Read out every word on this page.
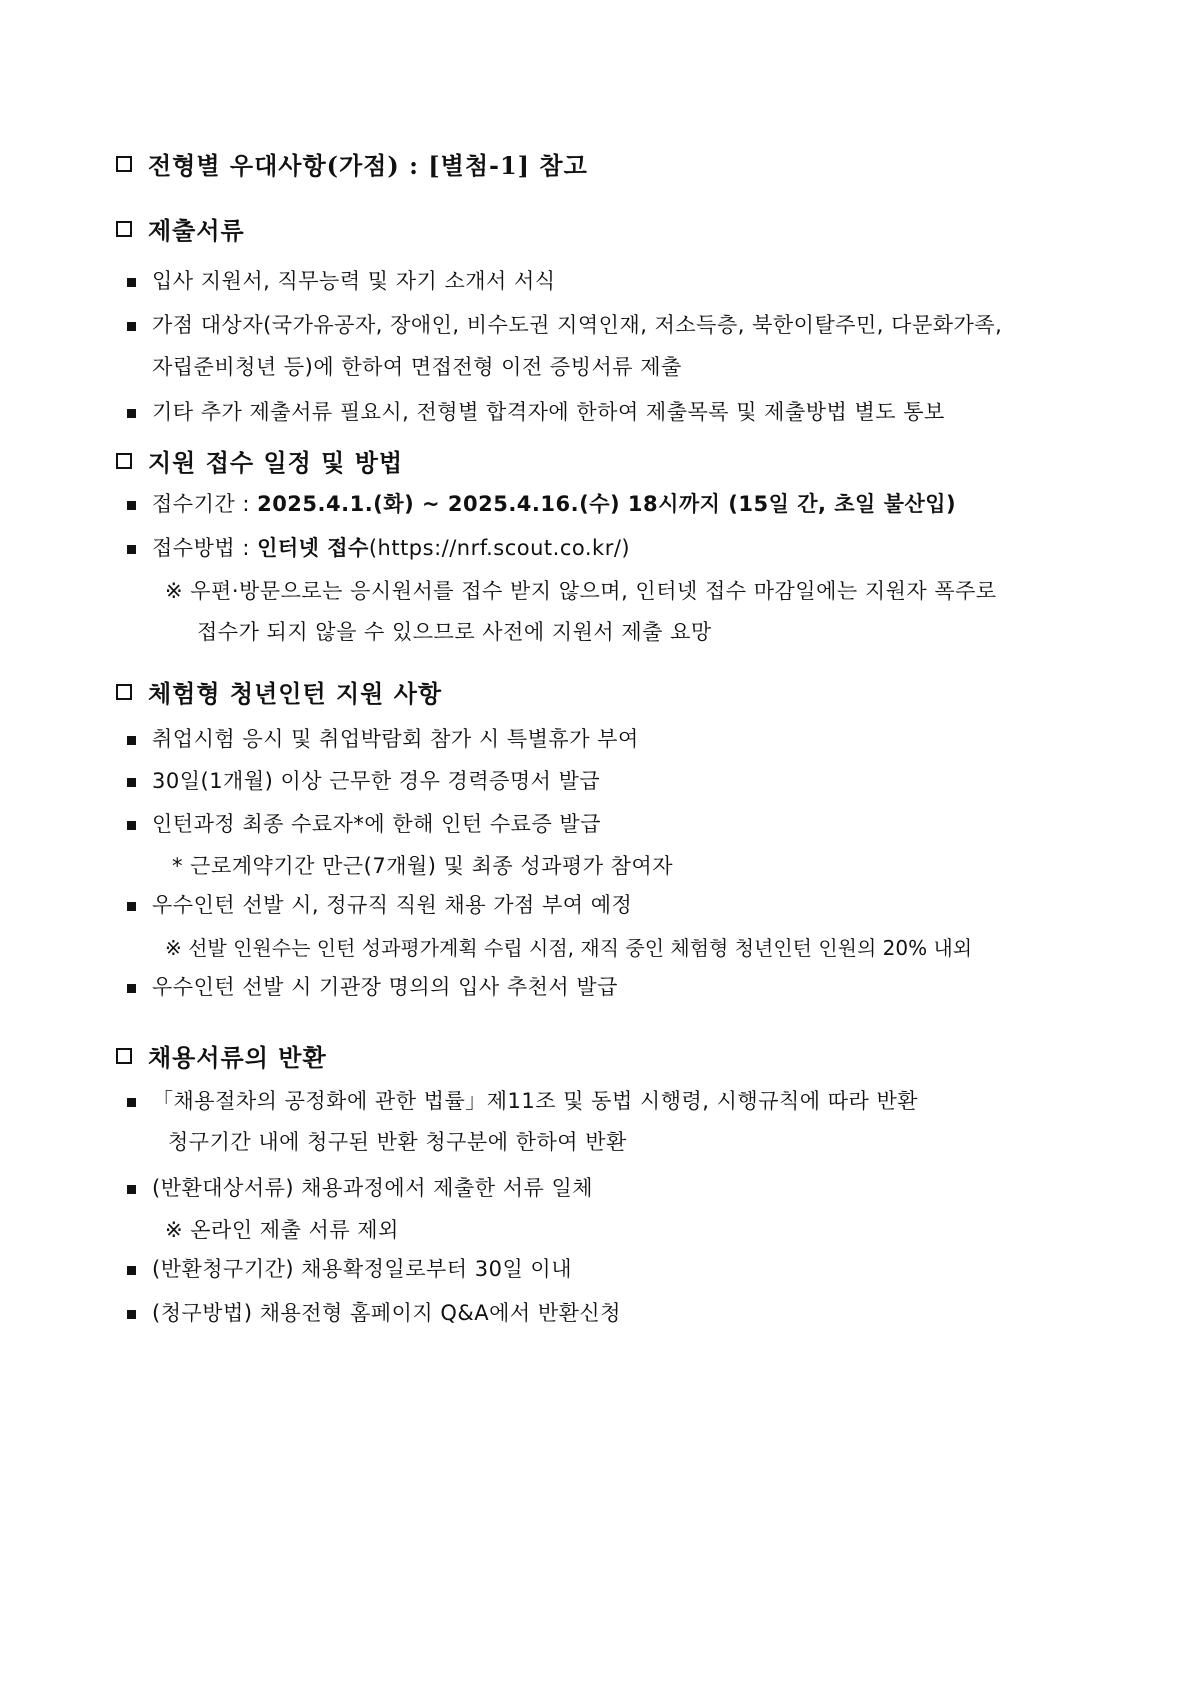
전형별 우대사항(가점) : [별첨-1] 참고
제출서류
입사 지원서, 직무능력 및 자기 소개서 서식
가점 대상자(국가유공자, 장애인, 비수도권 지역인재, 저소득층, 북한이탈주민, 다문화가족,
자립준비청년 등)에 한하여 면접전형 이전 증빙서류 제출
기타 추가 제출서류 필요시, 전형별 합격자에 한하여 제출목록 및 제출방법 별도 통보
지원 접수 일정 및 방법
접수기간 : 2025.4.1.(화) ~ 2025.4.16.(수) 18시까지 (15일 간, 초일 불산입)
접수방법 : 인터넷 접수(https://nrf.scout.co.kr/)
※ 우편·방문으로는 응시원서를 접수 받지 않으며, 인터넷 접수 마감일에는 지원자 폭주로
접수가 되지 않을 수 있으므로 사전에 지원서 제출 요망
체험형 청년인턴 지원 사항
취업시험 응시 및 취업박람회 참가 시 특별휴가 부여
30일(1개월) 이상 근무한 경우 경력증명서 발급
인턴과정 최종 수료자*에 한해 인턴 수료증 발급
* 근로계약기간 만근(7개월) 및 최종 성과평가 참여자
우수인턴 선발 시, 정규직 직원 채용 가점 부여 예정
※ 선발 인원수는 인턴 성과평가계획 수립 시점, 재직 중인 체험형 청년인턴 인원의 20% 내외
우수인턴 선발 시 기관장 명의의 입사 추천서 발급
채용서류의 반환
「채용절차의 공정화에 관한 법률」제11조 및 동법 시행령, 시행규칙에 따라 반환
청구기간 내에 청구된 반환 청구분에 한하여 반환
(반환대상서류) 채용과정에서 제출한 서류 일체
※ 온라인 제출 서류 제외
(반환청구기간) 채용확정일로부터 30일 이내
(청구방법) 채용전형 홈페이지 Q&A에서 반환신청
